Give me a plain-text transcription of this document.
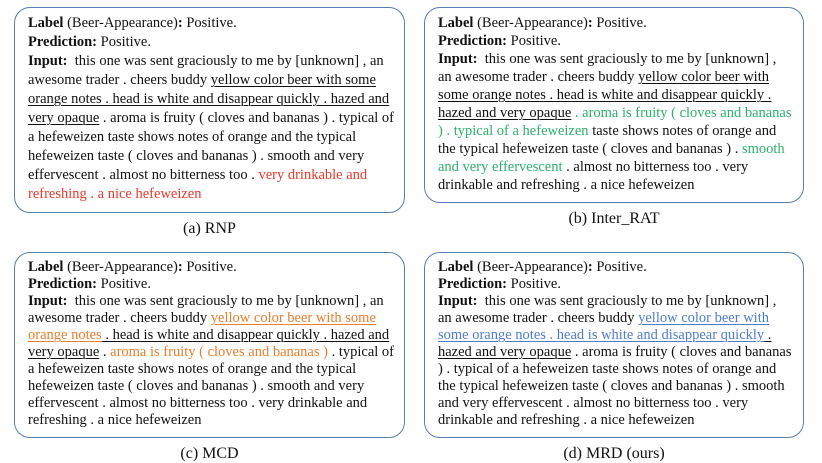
Label (Beer-Appearance): Positive.
Prediction: Positive.
Input:  this one was sent graciously to me by [unknown] , an awesome trader . cheers buddy yellow color beer with some orange notes . head is white and disappear quickly . hazed and very opaque . aroma is fruity ( cloves and bananas ) . typical of a hefeweizen taste shows notes of orange and the typical hefeweizen taste ( cloves and bananas ) . smooth and very effervescent . almost no bitterness too . very drinkable and refreshing . a nice hefeweizen
(a) RNP
Label (Beer-Appearance): Positive.
Prediction: Positive.
Input:  this one was sent graciously to me by [unknown] , an awesome trader . cheers buddy yellow color beer with some orange notes . head is white and disappear quickly . hazed and very opaque . aroma is fruity ( cloves and bananas ) . typical of a hefeweizen taste shows notes of orange and the typical hefeweizen taste ( cloves and bananas ) . smooth and very effervescent . almost no bitterness too . very drinkable and refreshing . a nice hefeweizen
(b) Inter_RAT
Label (Beer-Appearance): Positive.
Prediction: Positive.
Input:  this one was sent graciously to me by [unknown] , an awesome trader . cheers buddy yellow color beer with some orange notes . head is white and disappear quickly . hazed and very opaque . aroma is fruity ( cloves and bananas ) . typical of a hefeweizen taste shows notes of orange and the typical hefeweizen taste ( cloves and bananas ) . smooth and very effervescent . almost no bitterness too . very drinkable and refreshing . a nice hefeweizen
(c) MCD
Label (Beer-Appearance): Positive.
Prediction: Positive.
Input:  this one was sent graciously to me by [unknown] , an awesome trader . cheers buddy yellow color beer with some orange notes . head is white and disappear quickly . hazed and very opaque . aroma is fruity ( cloves and bananas ) . typical of a hefeweizen taste shows notes of orange and the typical hefeweizen taste ( cloves and bananas ) . smooth and very effervescent . almost no bitterness too . very drinkable and refreshing . a nice hefeweizen
(d) MRD (ours)
